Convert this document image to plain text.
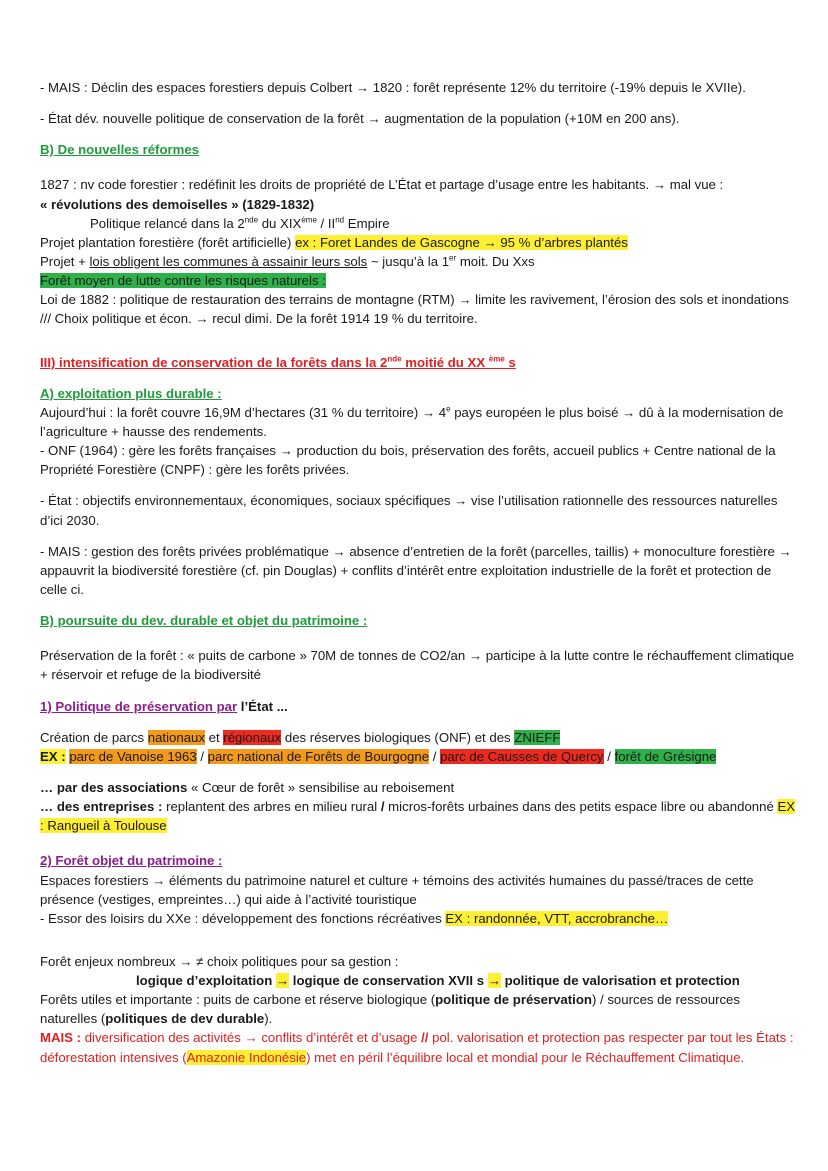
- MAIS : Déclin des espaces forestiers depuis Colbert → 1820 : forêt représente 12% du territoire (-19% depuis le XVIIe).

- État dév. nouvelle politique de conservation de la forêt → augmentation de la population (+10M en 200 ans).

B) De nouvelles réformes

1827 : nv code forestier : redéfinit les droits de propriété de L’État et partage d’usage entre les habitants. → mal vue :

« révolutions des demoiselles » (1829-1832)

Politique relancé dans la 2nde du XIXème / IInd Empire

Projet plantation forestière (forêt artificielle) ex : Foret Landes de Gascogne → 95 % d’arbres plantés

Projet + lois obligent les communes à assainir leurs sols ~ jusqu’à la 1er moit. Du Xxs

Forêt moyen de lutte contre les risques naturels :

Loi de 1882 : politique de restauration des terrains de montagne (RTM) → limite les ravivement, l’érosion des sols et inondations /// Choix politique et écon. → recul dimi. De la forêt 1914 19 % du territoire.

III) intensification de conservation de la forêts dans la 2nde moitié du XX $^{ème}$ s

A) exploitation plus durable :

Aujourd’hui : la forêt couvre 16,9M d’hectares (31 % du territoire) → $4^e$ pays européen le plus boisé → dû à la modernisation de l’agriculture + hausse des rendements.

- ONF (1964) : gère les forêts françaises → production du bois, préservation des forêts, accueil publics + Centre national de la Propriété Forestière (CNPF) : gère les forêts privées.

- État : objectifs environnementaux, économiques, sociaux spécifiques → vise l’utilisation rationnelle des ressources naturelles d’ici 2030.

- MAIS : gestion des forêts privées problématique → absence d’entretien de la forêt (parcelles, taillis) + monoculture forestière → appauvrit la biodiversité forestière (cf. pin Douglas) + conflits d’intérêt entre exploitation industrielle de la forêt et protection de celle ci.

B) poursuite du dev. durable et objet du patrimoine :

Préservation de la forêt : « puits de carbone » 70M de tonnes de CO2/an → participe à la lutte contre le réchauffement climatique + réservoir et refuge de la biodiversité

1) Politique de préservation par l’État ...

Création de parcs nationaux et régionaux des réserves biologiques (ONF) et des ZNIEFF

EX : parc de Vanoise 1963 / parc national de Forêts de Bourgogne / parc de Causses de Quercy / forêt de Grésigne

… par des associations « Cœur de forêt » sensibilise au reboisement

… des entreprises : replantent des arbres en milieu rural / micros-forêts urbaines dans des petits espace libre ou abandonné EX : Rangueil à Toulouse

2) Forêt objet du patrimoine :

Espaces forestiers → éléments du patrimoine naturel et culture + témoins des activités humaines du passé/traces de cette présence (vestiges, empreintes…) qui aide à l’activité touristique

- Essor des loisirs du XXe : développement des fonctions récréatives EX : randonnée, VTT, accrobranche…

Forêt enjeux nombreux → ≠ choix politiques pour sa gestion :

logique d’exploitation → logique de conservation XVII s → politique de valorisation et protection

Forêts utiles et importante : puits de carbone et réserve biologique (politique de préservation) / sources de ressources naturelles (politiques de dev durable).

MAIS : diversification des activités → conflits d’intérêt et d’usage // pol. valorisation et protection pas respecter par tout les États : déforestation intensives (Amazonie Indonésie) met en péril l’équilibre local et mondial pour le Réchauffement Climatique.
